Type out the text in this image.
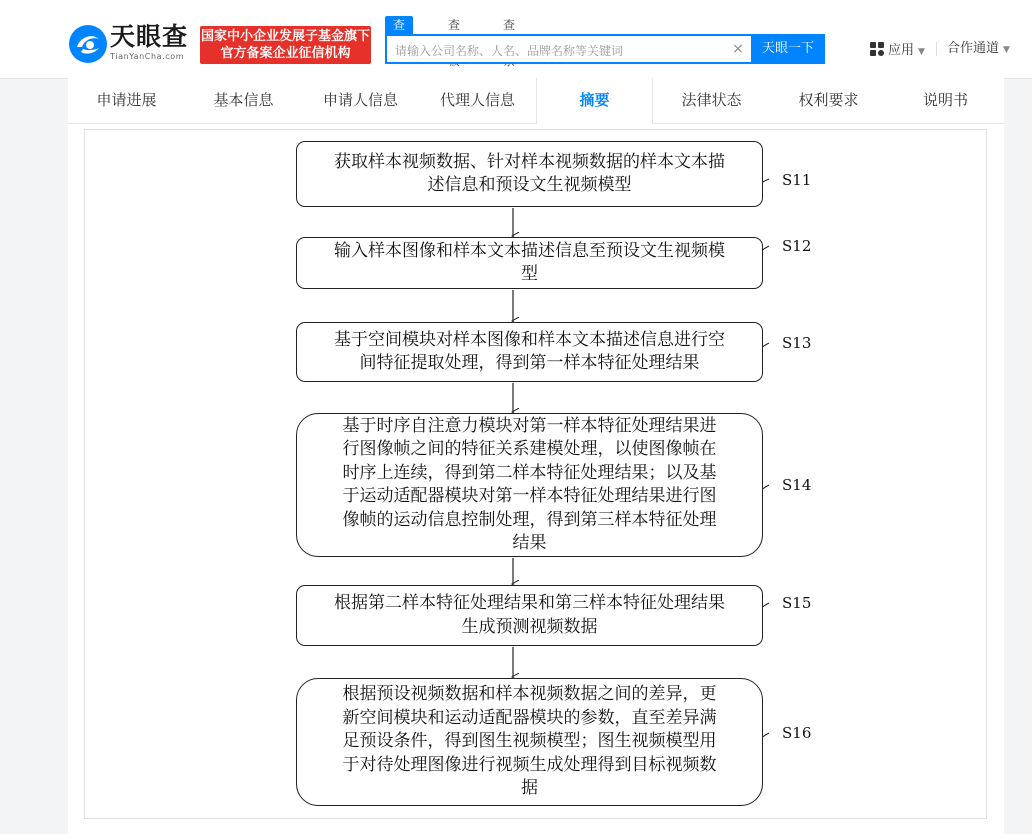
天眼查
TianYanCha.com
国家中小企业发展子基金旗下
官方备案企业征信机构
查	查	查
请输入公司名称、人名、品牌名称等关键词
×	天眼一下	应用 ▼ 合作通道 ▼
申请进展	基本信息	申请人信息	代理人信息	摘要	法律状态	权利要求	说明书
获取样本视频数据、针对样本视频数据的样本文本描
述信息和预设文生视频模型	S11
输入样本图像和样本文本描述信息至预设文生视频模
型
S12
基于空间模块对样本图像和样本文本描述信息进行空
间特征提取处理，得到第一样本特征处理结果
S13
基于时序自注意力模块对第一样本特征处理结果进
行图像帧之间的特征关系建模处理，以使图像帧在
时序上连续，得到第二样本特征处理结果；以及基
于运动适配器模块对第一样本特征处理结果进行图
像帧的运动信息控制处理，得到第三样本特征处理
结果
S14
根据第二样本特征处理结果和第三样本特征处理结果
生成预测视频数据
S15
根据预设视频数据和样本视频数据之间的差异，更
新空间模块和运动适配器模块的参数，直至差异满
足预设条件，得到图生视频模型；图生视频模型用
于对待处理图像进行视频生成处理得到目标视频数
据
S16
